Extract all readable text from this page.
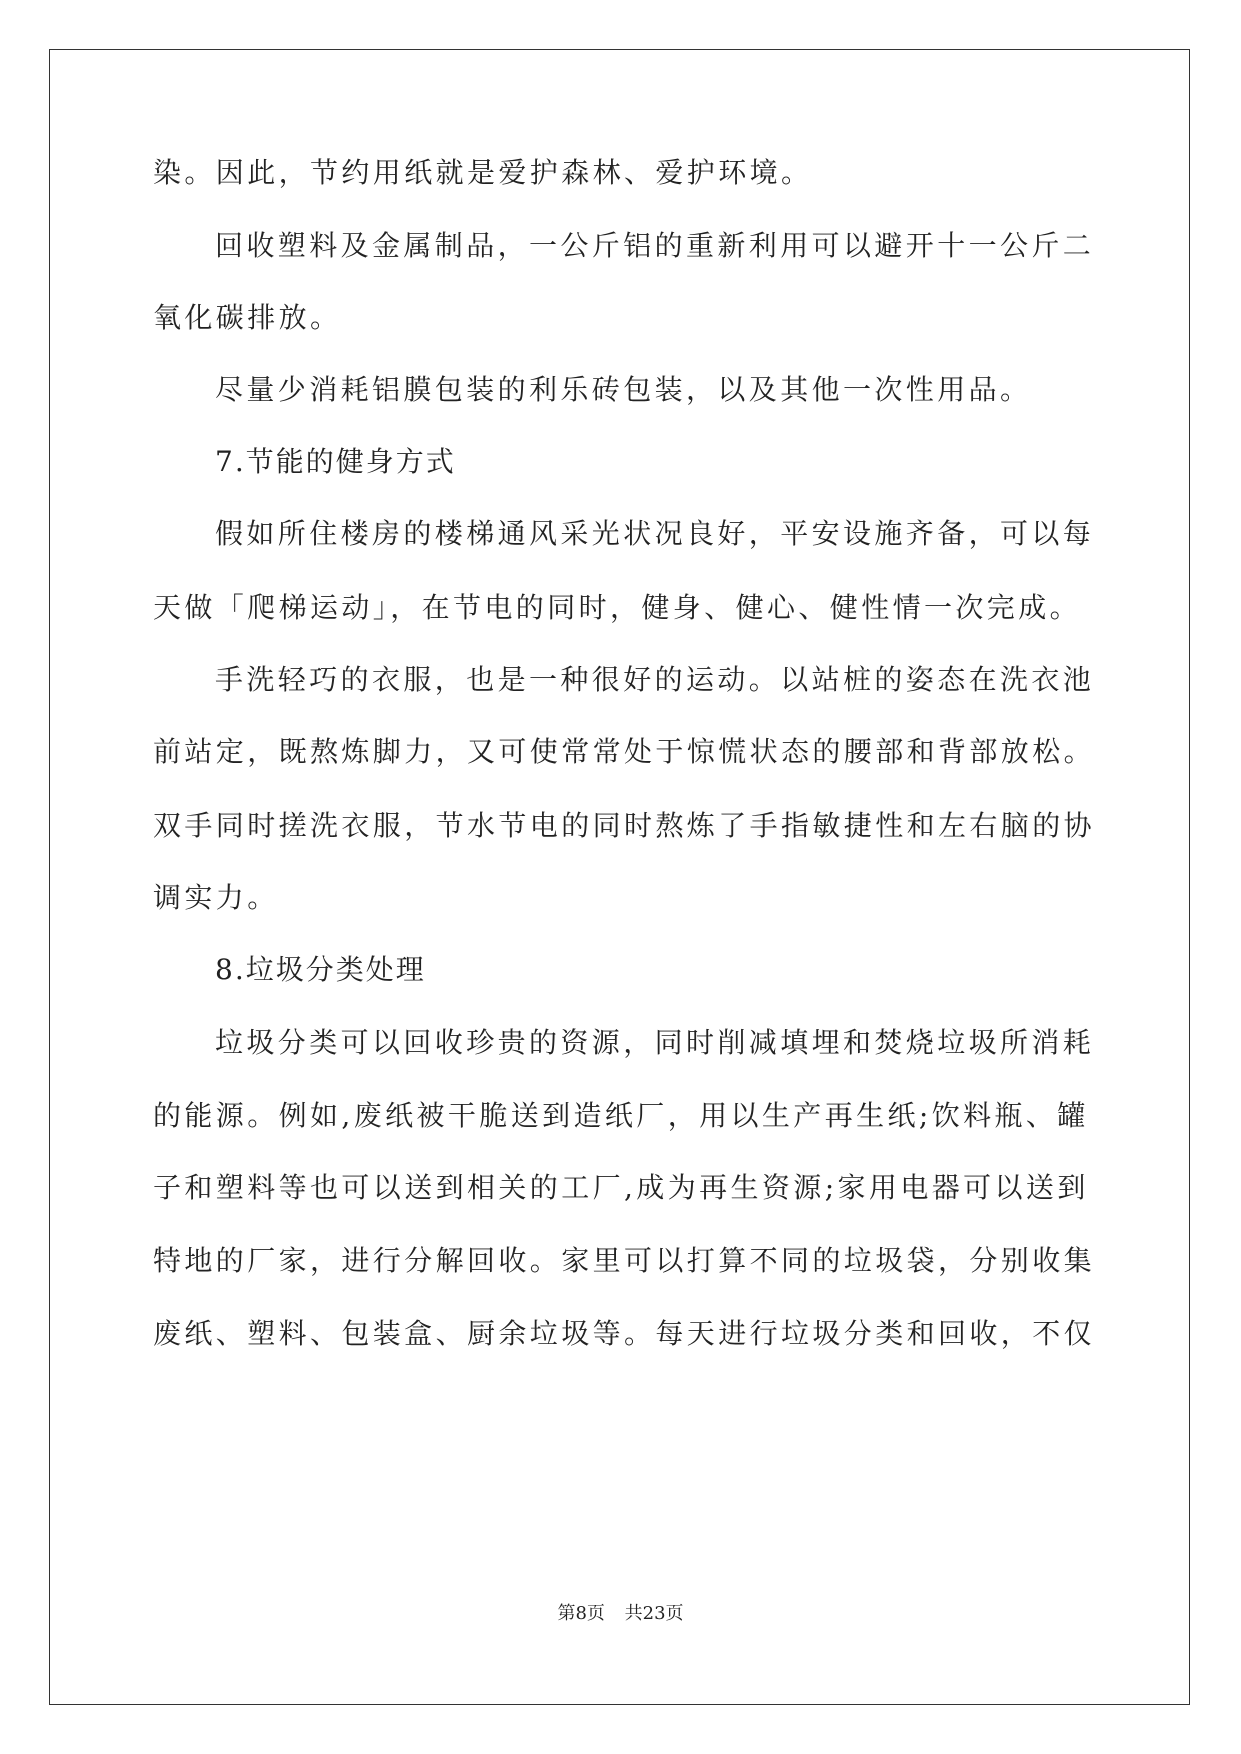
染。因此，节约用纸就是爱护森林、爱护环境。
回收塑料及金属制品，一公斤铝的重新利用可以避开十一公斤二
氧化碳排放。
尽量少消耗铝膜包装的利乐砖包装，以及其他一次性用品。
7.节能的健身方式
假如所住楼房的楼梯通风采光状况良好，平安设施齐备，可以每
天做「爬梯运动」，在节电的同时，健身、健心、健性情一次完成。
手洗轻巧的衣服，也是一种很好的运动。以站桩的姿态在洗衣池
前站定，既熬炼脚力，又可使常常处于惊慌状态的腰部和背部放松。
双手同时搓洗衣服，节水节电的同时熬炼了手指敏捷性和左右脑的协
调实力。
8.垃圾分类处理
垃圾分类可以回收珍贵的资源，同时削减填埋和焚烧垃圾所消耗
的能源。例如,废纸被干脆送到造纸厂，用以生产再生纸;饮料瓶、罐
子和塑料等也可以送到相关的工厂,成为再生资源;家用电器可以送到
特地的厂家，进行分解回收。家里可以打算不同的垃圾袋，分别收集
废纸、塑料、包装盒、厨余垃圾等。每天进行垃圾分类和回收，不仅
第8页 共23页
